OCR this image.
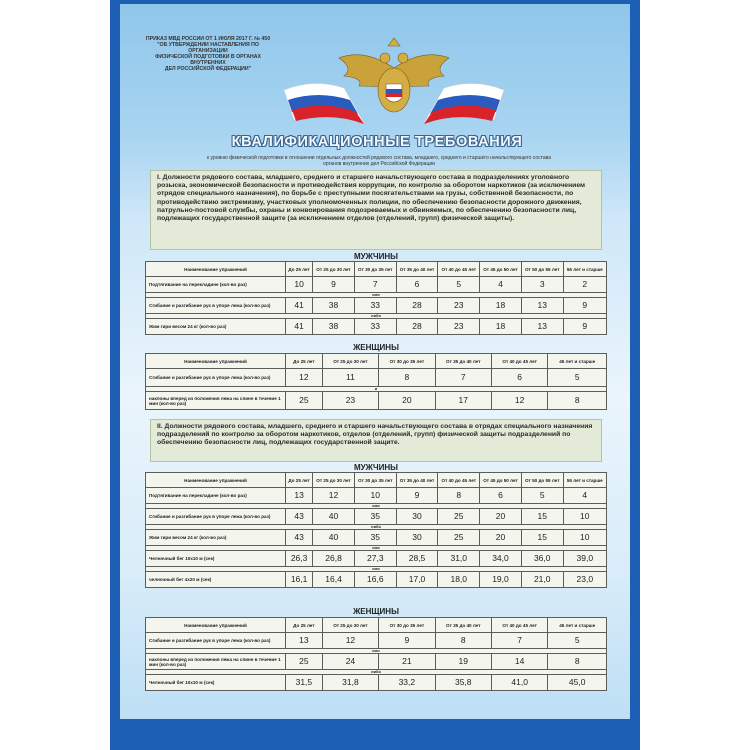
ПРИКАЗ МВД РОССИИ ОТ 1 ИЮЛЯ 2017 Г. № 450
"ОБ УТВЕРЖДЕНИИ НАСТАВЛЕНИЯ ПО ОРГАНИЗАЦИИ
ФИЗИЧЕСКОЙ ПОДГОТОВКИ В ОРГАНАХ ВНУТРЕННИХ
ДЕЛ РОССИЙСКОЙ ФЕДЕРАЦИИ"
КВАЛИФИКАЦИОННЫЕ ТРЕБОВАНИЯ
к уровню физической подготовки в отношении отдельных должностей рядового состава, младшего, среднего и старшего начальствующего состава
органов внутренних дел Российской Федерации
I. Должности рядового состава, младшего, среднего и старшего начальствующего состава в подразделениях уголовного розыска, экономической безопасности и противодействия коррупции, по контролю за оборотом наркотиков (за исключением отрядов специального назначения), по борьбе с преступными посягательствами на грузы, собственной безопасности, по противодействию экстремизму, участковых уполномоченных полиции, по обеспечению безопасности дорожного движения, патрульно-постовой службы, охраны и конвоирования подозреваемых и обвиняемых, по обеспечению безопасности лиц, подлежащих государственной защите (за исключением отделов (отделений, групп) физической защиты).
МУЖЧИНЫ
Наименование упражнений	До 25 лет	От 25 до 30 лет	От 30 до 35 лет	От 35 до 40 лет	От 40 до 45 лет	От 45 до 50 лет	От 50 до 55 лет	55 лет и старше
Подтягивание на перекладине (кол-во раз)	10	9	7	6	5	4	3	2
или								
Сгибание и разгибание рук в упоре лежа (кол-во раз)	41	38	33	28	23	18	13	9
либо								
Жим гири весом 24 кг (кол-во раз)	41	38	33	28	23	18	13	9
ЖЕНЩИНЫ
Наименование упражнений	До 25 лет	От 25 до 30 лет	От 30 до 35 лет	От 35 до 40 лет	От 40 до 45 лет	45 лет и старше
Сгибание и разгибание рук в упоре лежа (кол-во раз)	12	11	8	7	6	5
и						
наклоны вперед из положения лежа на спине в течение 1 мин (кол-во раз)	25	23	20	17	12	8
II. Должности рядового состава, младшего, среднего и старшего начальствующего состава в отрядах специального назначения подразделений по контролю за оборотом наркотиков, отделов (отделений, групп) физической защиты подразделений по обеспечению безопасности лиц, подлежащих государственной защите.
МУЖЧИНЫ
Наименование упражнений	До 25 лет	От 25 до 30 лет	От 30 до 35 лет	От 35 до 40 лет	От 40 до 45 лет	От 45 до 50 лет	От 50 до 55 лет	55 лет и старше
Подтягивание на перекладине (кол-во раз)	13	12	10	9	8	6	5	4
или								
Сгибание и разгибание рук в упоре лежа (кол-во раз)	43	40	35	30	25	20	15	10
либо								
Жим гири весом 24 кг (кол-во раз)	43	40	35	30	25	20	15	10
или								
Челночный бег 10х10 м (сек)	26,3	26,8	27,3	28,5	31,0	34,0	36,0	39,0
или								
челночный бег 4х20 м (сек)	16,1	16,4	16,6	17,0	18,0	19,0	21,0	23,0
ЖЕНЩИНЫ
Наименование упражнений	До 25 лет	От 25 до 30 лет	От 30 до 35 лет	От 35 до 40 лет	От 40 до 45 лет	45 лет и старше
Сгибание и разгибание рук в упоре лежа (кол-во раз)	13	12	9	8	7	5
или						
наклоны вперед из положения лежа на спине в течение 1 мин (кол-во раз)	25	24	21	19	14	8
либо						
Челночный бег 10х10 м (сек)	31,5	31,8	33,2	35,8	41,0	45,0
